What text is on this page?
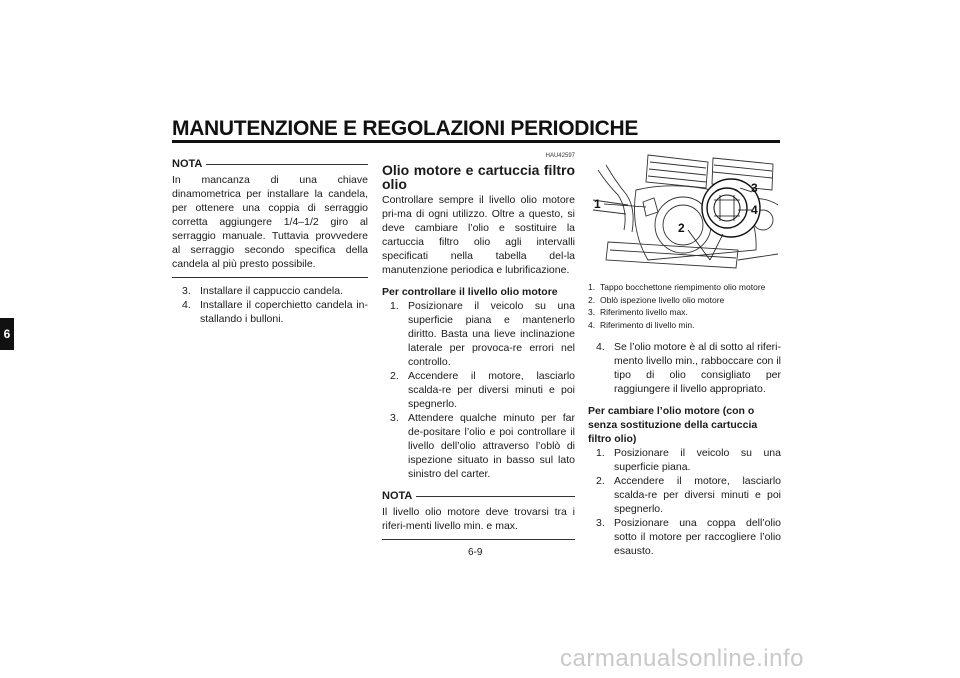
MANUTENZIONE E REGOLAZIONI PERIODICHE
6
NOTA
In mancanza di una chiave dinamometrica per installare la candela, per ottenere una coppia di serraggio corretta aggiungere 1/4–1/2 giro al serraggio manuale. Tuttavia provvedere al serraggio secondo specifica della candela al più presto possibile.
3. Installare il cappuccio candela.
4. Installare il coperchietto candela in-stallando i bulloni.
HAU42597
Olio motore e cartuccia filtro olio
Controllare sempre il livello olio motore pri-ma di ogni utilizzo. Oltre a questo, si deve cambiare l’olio e sostituire la cartuccia filtro olio agli intervalli specificati nella tabella del-la manutenzione periodica e lubrificazione.
Per controllare il livello olio motore
1. Posizionare il veicolo su una superficie piana e mantenerlo diritto. Basta una lieve inclinazione laterale per provoca-re errori nel controllo.
2. Accendere il motore, lasciarlo scalda-re per diversi minuti e poi spegnerlo.
3. Attendere qualche minuto per far de-positare l’olio e poi controllare il livello dell’olio attraverso l’oblò di ispezione situato in basso sul lato sinistro del carter.
NOTA
Il livello olio motore deve trovarsi tra i riferi-menti livello min. e max.
1
2
3
4
1. Tappo bocchettone riempimento olio motore
2. Oblò ispezione livello olio motore
3. Riferimento livello max.
4. Riferimento di livello min.
4. Se l’olio motore è al di sotto al riferi-mento livello min., rabboccare con il tipo di olio consigliato per raggiungere il livello appropriato.
Per cambiare l’olio motore (con o senza sostituzione della cartuccia filtro olio)
1. Posizionare il veicolo su una superficie piana.
2. Accendere il motore, lasciarlo scalda-re per diversi minuti e poi spegnerlo.
3. Posizionare una coppa dell’olio sotto il motore per raccogliere l’olio esausto.
6-9
carmanualsonline.info
